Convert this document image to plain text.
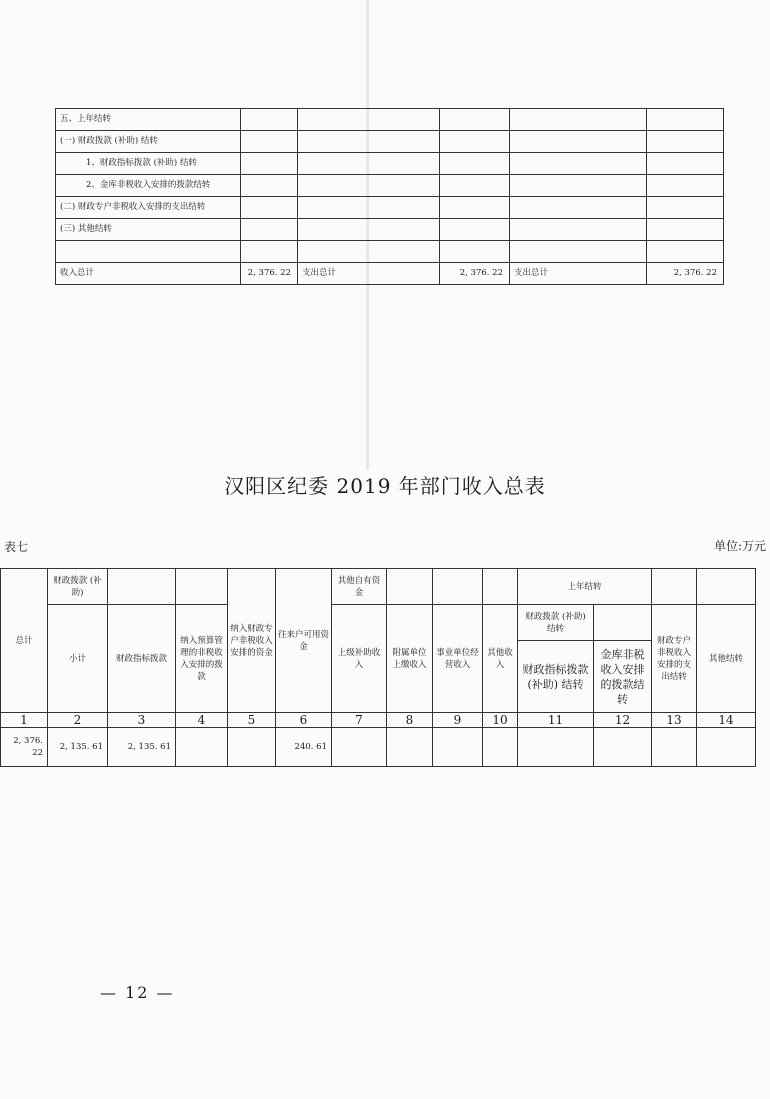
五、上年结转					
(一) 财政拨款 (补助) 结转					
1、财政指标拨款 (补助) 结转					
2、金库非税收入安排的拨款结转					
(二) 财政专户非税收入安排的支出结转					
(三) 其他结转					

收入总计	2, 376. 22	支出总计	2, 376. 22	支出总计	2, 376. 22
汉阳区纪委 2019 年部门收入总表
表七	单位:万元
总计	财政拨款 (补助)			纳入财政专户非税收入安排的资金	往来户可用资金	其他自有资金				上年结转			
	小计	财政指标拨款	纳入预算管理的非税收入安排的拨款			上级补助收入	附属单位上缴收入	事业单位经营收入	其他收入	财政拨款 (补助) 结转		财政专户非税收入安排的支出结转	其他结转
										财政指标拨款 (补助) 结转	金库非税收入安排的拨款结转		
1	2	3	4	5	6	7	8	9	10	11	12	13	14
2, 376. 22	2, 135. 61	2, 135. 61			240. 61								
— 12 —
